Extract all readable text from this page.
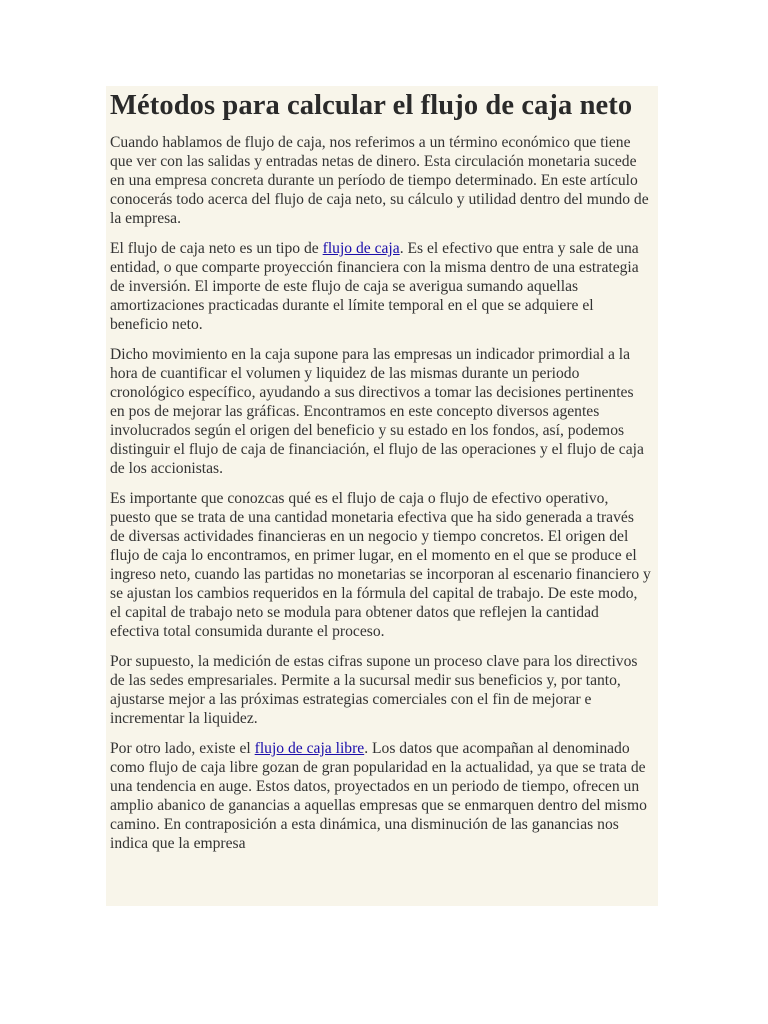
Métodos para calcular el flujo de caja neto

Cuando hablamos de flujo de caja, nos referimos a un término económico que tiene que ver con las salidas y entradas netas de dinero. Esta circulación monetaria sucede en una empresa concreta durante un período de tiempo determinado. En este artículo conocerás todo acerca del flujo de caja neto, su cálculo y utilidad dentro del mundo de la empresa.

El flujo de caja neto es un tipo de flujo de caja. Es el efectivo que entra y sale de una entidad, o que comparte proyección financiera con la misma dentro de una estrategia de inversión. El importe de este flujo de caja se averigua sumando aquellas amortizaciones practicadas durante el límite temporal en el que se adquiere el beneficio neto.

Dicho movimiento en la caja supone para las empresas un indicador primordial a la hora de cuantificar el volumen y liquidez de las mismas durante un periodo cronológico específico, ayudando a sus directivos a tomar las decisiones pertinentes en pos de mejorar las gráficas. Encontramos en este concepto diversos agentes involucrados según el origen del beneficio y su estado en los fondos, así, podemos distinguir el flujo de caja de financiación, el flujo de las operaciones y el flujo de caja de los accionistas.

Es importante que conozcas qué es el flujo de caja o flujo de efectivo operativo, puesto que se trata de una cantidad monetaria efectiva que ha sido generada a través de diversas actividades financieras en un negocio y tiempo concretos. El origen del flujo de caja lo encontramos, en primer lugar, en el momento en el que se produce el ingreso neto, cuando las partidas no monetarias se incorporan al escenario financiero y se ajustan los cambios requeridos en la fórmula del capital de trabajo. De este modo, el capital de trabajo neto se modula para obtener datos que reflejen la cantidad efectiva total consumida durante el proceso.

Por supuesto, la medición de estas cifras supone un proceso clave para los directivos de las sedes empresariales. Permite a la sucursal medir sus beneficios y, por tanto, ajustarse mejor a las próximas estrategias comerciales con el fin de mejorar e incrementar la liquidez.

Por otro lado, existe el flujo de caja libre. Los datos que acompañan al denominado como flujo de caja libre gozan de gran popularidad en la actualidad, ya que se trata de una tendencia en auge. Estos datos, proyectados en un periodo de tiempo, ofrecen un amplio abanico de ganancias a aquellas empresas que se enmarquen dentro del mismo camino. En contraposición a esta dinámica, una disminución de las ganancias nos indica que la empresa
